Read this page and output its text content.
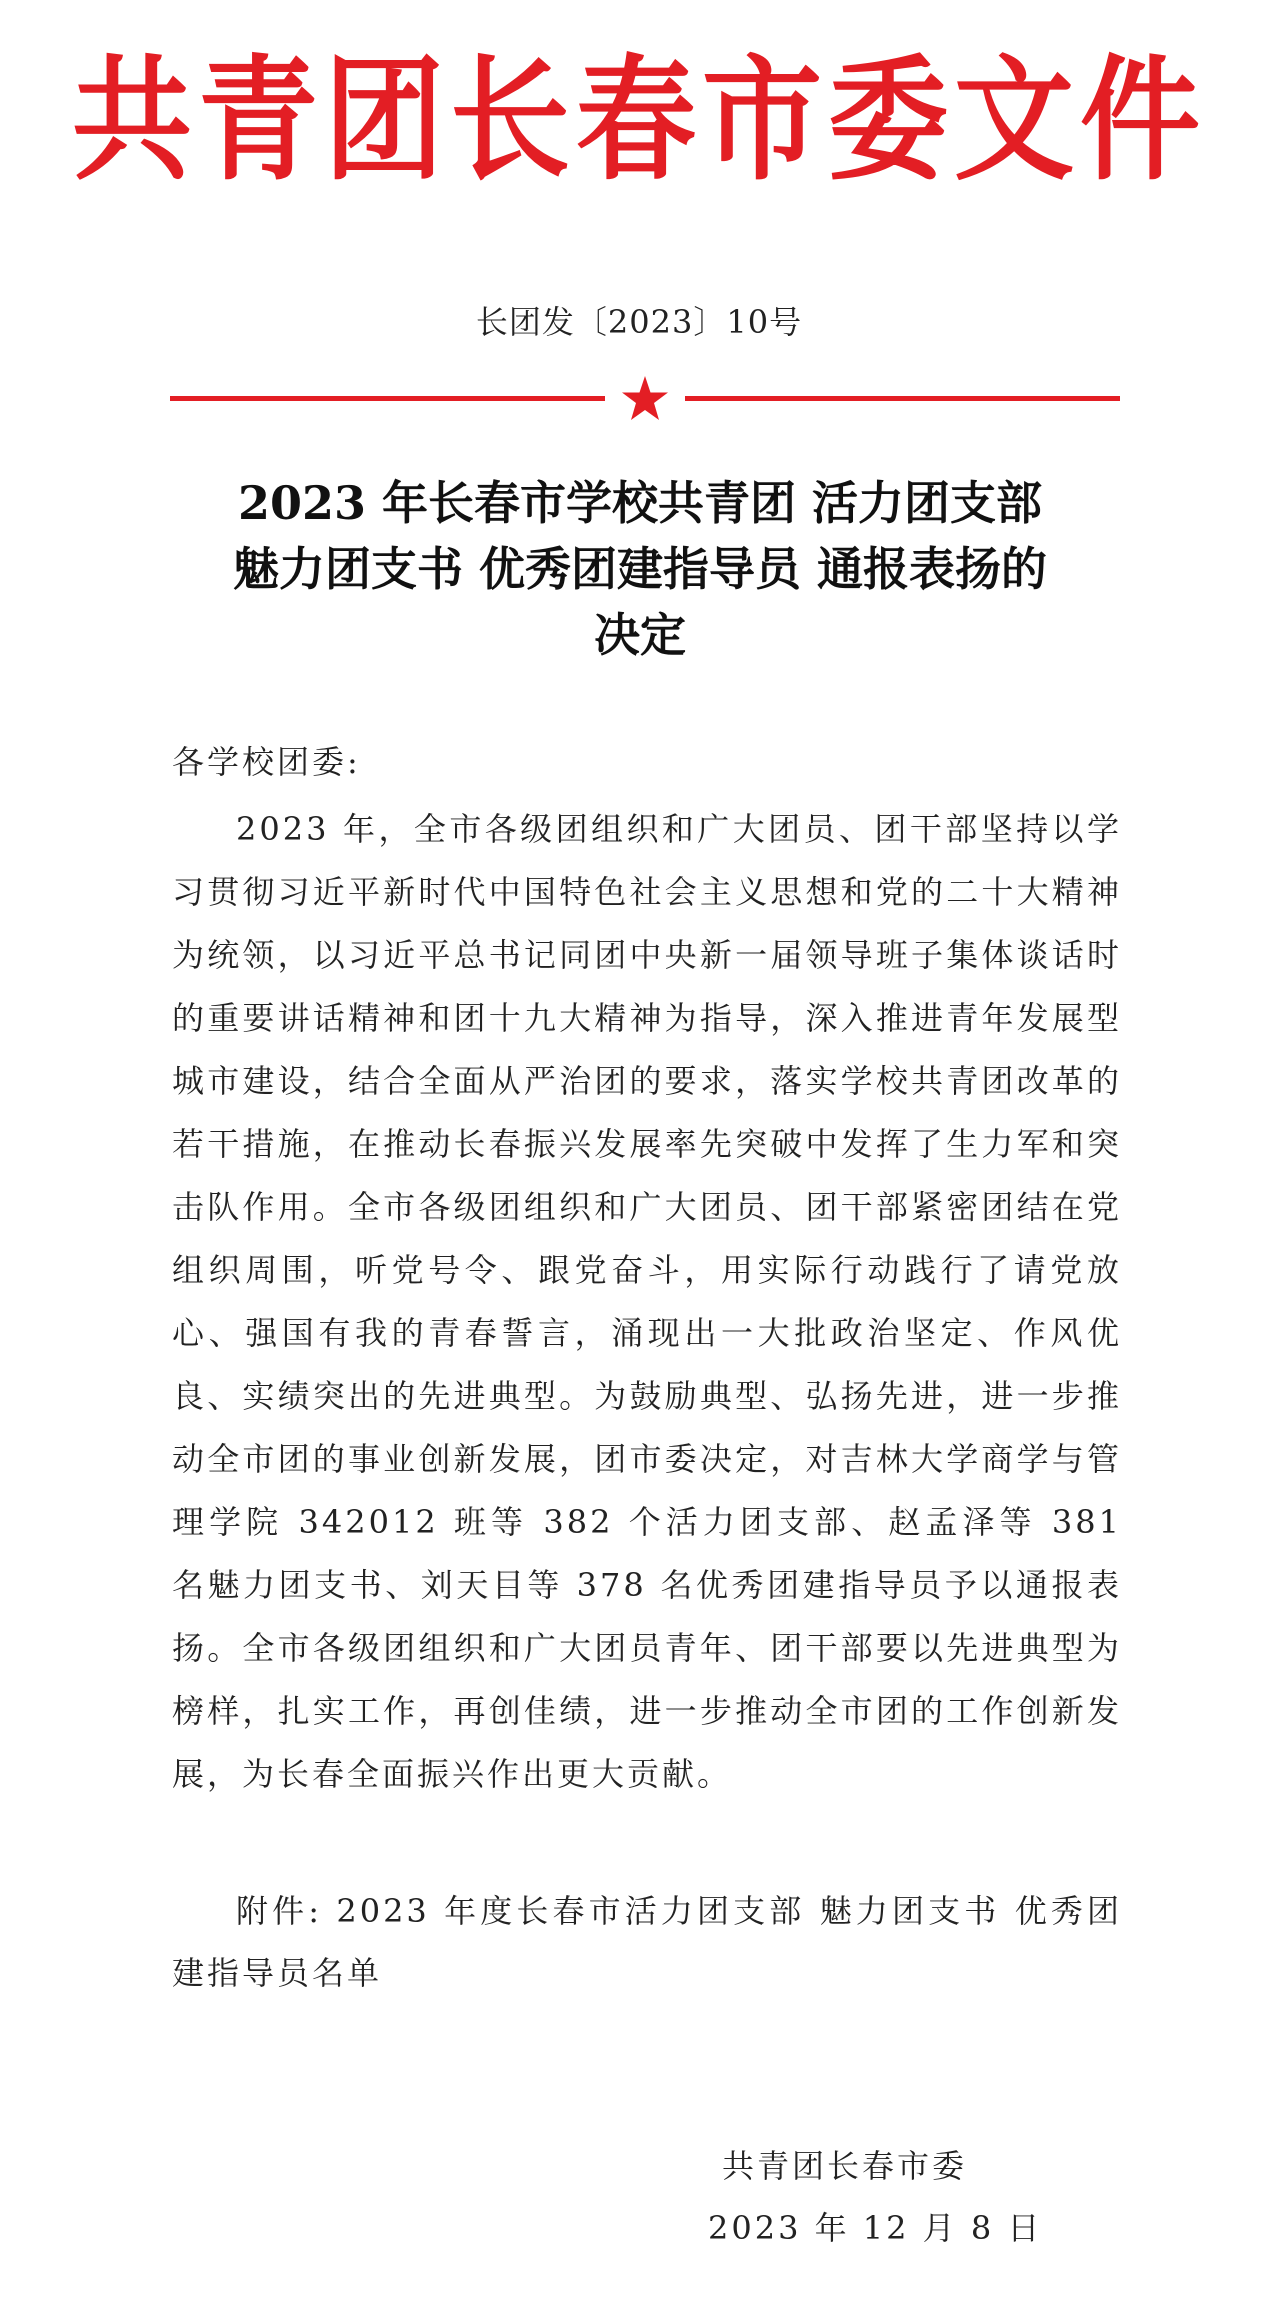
共青团长春市委文件
长团发〔2023〕10号
2023 年长春市学校共青团 活力团支部
魅力团支书 优秀团建指导员 通报表扬的
决定
各学校团委:

2023 年，全市各级团组织和广大团员、团干部坚持以学习贯彻习近平新时代中国特色社会主义思想和党的二十大精神为统领，以习近平总书记同团中央新一届领导班子集体谈话时的重要讲话精神和团十九大精神为指导，深入推进青年发展型城市建设，结合全面从严治团的要求，落实学校共青团改革的若干措施，在推动长春振兴发展率先突破中发挥了生力军和突击队作用。全市各级团组织和广大团员、团干部紧密团结在党组织周围，听党号令、跟党奋斗，用实际行动践行了请党放心、强国有我的青春誓言，涌现出一大批政治坚定、作风优良、实绩突出的先进典型。为鼓励典型、弘扬先进，进一步推动全市团的事业创新发展，团市委决定，对吉林大学商学与管理学院 342012 班等 382 个活力团支部、赵孟泽等 381 名魅力团支书、刘天目等 378 名优秀团建指导员予以通报表扬。全市各级团组织和广大团员青年、团干部要以先进典型为榜样，扎实工作，再创佳绩，进一步推动全市团的工作创新发展，为长春全面振兴作出更大贡献。

附件: 2023 年度长春市活力团支部 魅力团支书 优秀团建指导员名单
共青团长春市委
2023 年 12 月 8 日
